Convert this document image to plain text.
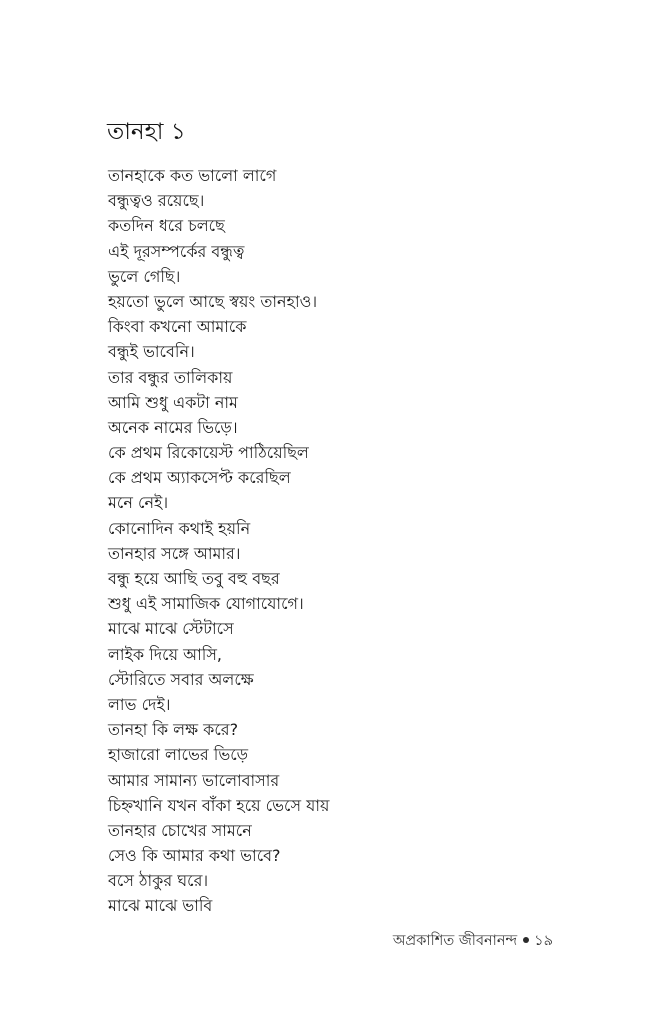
তানহা ১
তানহাকে কত ভালো লাগে
বন্ধুত্বও রয়েছে।
কতদিন ধরে চলছে
এই দূরসম্পর্কের বন্ধুত্ব
ভুলে গেছি।
হয়তো ভুলে আছে স্বয়ং তানহাও।
কিংবা কখনো আমাকে
বন্ধুই ভাবেনি।
তার বন্ধুর তালিকায়
আমি শুধু একটা নাম
অনেক নামের ভিড়ে।
কে প্রথম রিকোয়েস্ট পাঠিয়েছিল
কে প্রথম অ্যাকসেপ্ট করেছিল
মনে নেই।
কোনোদিন কথাই হয়নি
তানহার সঙ্গে আমার।
বন্ধু হয়ে আছি তবু বহু বছর
শুধু এই সামাজিক যোগাযোগে।
মাঝে মাঝে স্টেটাসে
লাইক দিয়ে আসি,
স্টোরিতে সবার অলক্ষে
লাভ দেই।
তানহা কি লক্ষ করে?
হাজারো লাভের ভিড়ে
আমার সামান্য ভালোবাসার
চিহ্নখানি যখন বাঁকা হয়ে ভেসে যায়
তানহার চোখের সামনে
সেও কি আমার কথা ভাবে?
বসে ঠাকুর ঘরে।
মাঝে মাঝে ভাবি
অপ্রকাশিত জীবনানন্দ ১৯
